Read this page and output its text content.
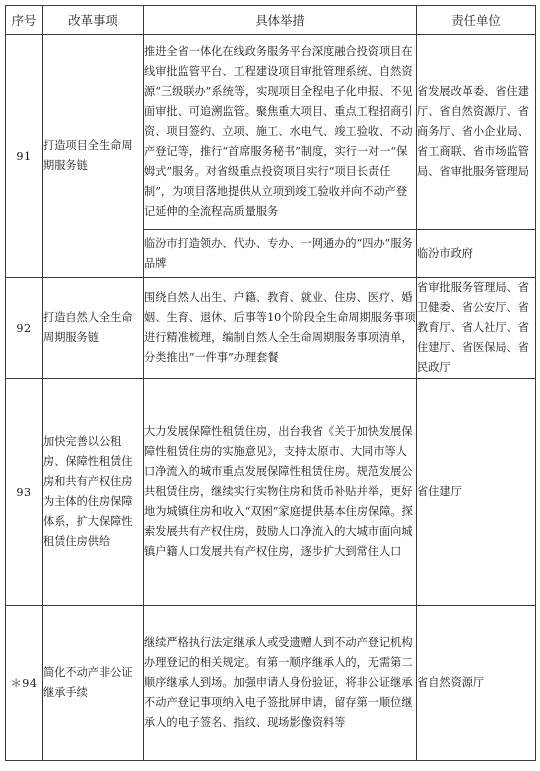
序号	改革事项	具体举措	责任单位
91	打造项目全生命周期服务链	推进全省一体化在线政务服务平台深度融合投资项目在线审批监管平台、工程建设项目审批管理系统、自然资源“三级联办”系统等，实现项目全程电子化申报、不见面审批、可追溯监管。聚焦重大项目、重点工程招商引资、项目签约、立项、施工、水电气、竣工验收、不动产登记等，推行“首席服务秘书”制度，实行一对一“保姆式”服务。对省级重点投资项目实行“项目长责任制”，为项目落地提供从立项到竣工验收并向不动产登记延伸的全流程高质量服务	省发展改革委、省住建厅、省自然资源厅、省商务厅、省小企业局、省工商联、省市场监管局、省审批服务管理局
		临汾市打造领办、代办、专办、一网通办的“四办”服务品牌	临汾市政府
92	打造自然人全生命周期服务链	围绕自然人出生、户籍、教育、就业、住房、医疗、婚姻、生育、退休、后事等10个阶段全生命周期服务事项进行精准梳理，编制自然人全生命周期服务事项清单，分类推出“一件事”办理套餐	省审批服务管理局、省卫健委、省公安厅、省教育厅、省人社厅、省住建厅、省医保局、省民政厅
93	加快完善以公租房、保障性租赁住房和共有产权住房为主体的住房保障体系，扩大保障性租赁住房供给	大力发展保障性租赁住房，出台我省《关于加快发展保障性租赁住房的实施意见》，支持太原市、大同市等人口净流入的城市重点发展保障性租赁住房。规范发展公共租赁住房，继续实行实物住房和货币补贴并举，更好地为城镇住房和收入“双困”家庭提供基本住房保障。探索发展共有产权住房，鼓励人口净流入的大城市面向城镇户籍人口发展共有产权住房，逐步扩大到常住人口	省住建厅
＊94	简化不动产非公证继承手续	继续严格执行法定继承人或受遗赠人到不动产登记机构办理登记的相关规定。有第一顺序继承人的，无需第二顺序继承人到场。加强申请人身份验证，将非公证继承不动产登记事项纳入电子签批屏申请，留存第一顺位继承人的电子签名、指纹、现场影像资料等	省自然资源厅
